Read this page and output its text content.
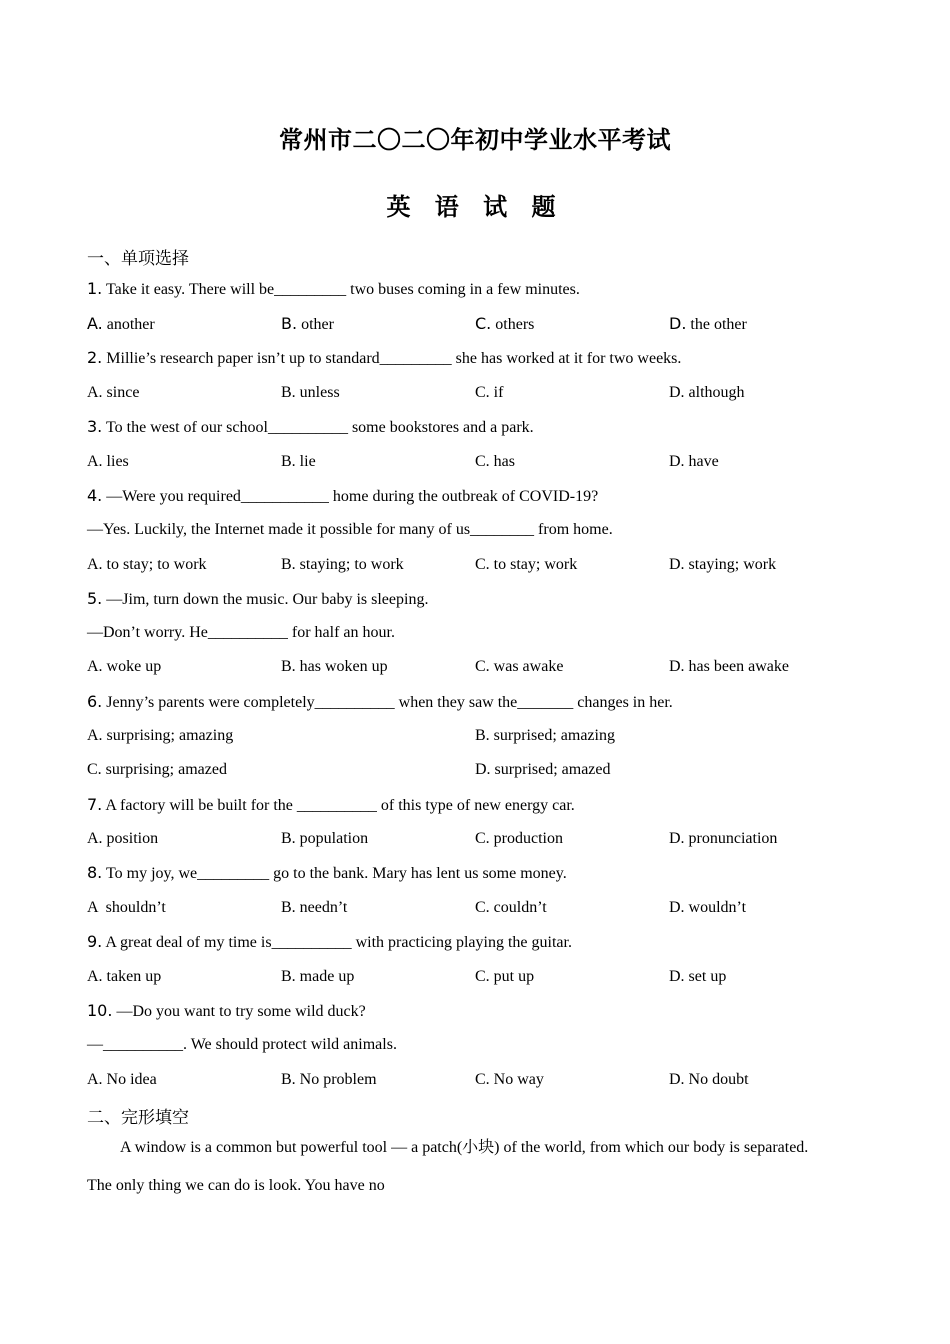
常州市二〇二〇年初中学业水平考试
英 语 试 题
一、单项选择
1. Take it easy. There will be_________ two buses coming in a few minutes.
A. another	B. other	C. others	D. the other
2. Millie’s research paper isn’t up to standard_________ she has worked at it for two weeks.
A. since	B. unless	C. if	D. although
3. To the west of our school__________ some bookstores and a park.
A. lies	B. lie	C. has	D. have
4. —Were you required___________ home during the outbreak of COVID-19?
—Yes. Luckily, the Internet made it possible for many of us________ from home.
A. to stay; to work	B. staying; to work	C. to stay; work	D. staying; work
5. —Jim, turn down the music. Our baby is sleeping.
—Don’t worry. He__________ for half an hour.
A. woke up	B. has woken up	C. was awake	D. has been awake
6. Jenny’s parents were completely__________ when they saw the_______ changes in her.
A. surprising; amazing	B. surprised; amazing
C. surprising; amazed	D. surprised; amazed
7. A factory will be built for the __________ of this type of new energy car.
A. position	B. population	C. production	D. pronunciation
8. To my joy, we_________ go to the bank. Mary has lent us some money.
A  shouldn’t	B. needn’t	C. couldn’t	D. wouldn’t
9. A great deal of my time is__________ with practicing playing the guitar.
A. taken up	B. made up	C. put up	D. set up
10. —Do you want to try some wild duck?
—__________. We should protect wild animals.
A. No idea	B. No problem	C. No way	D. No doubt
二、完形填空
A window is a common but powerful tool — a patch(小块) of the world, from which our body is separated.
The only thing we can do is look. You have no
